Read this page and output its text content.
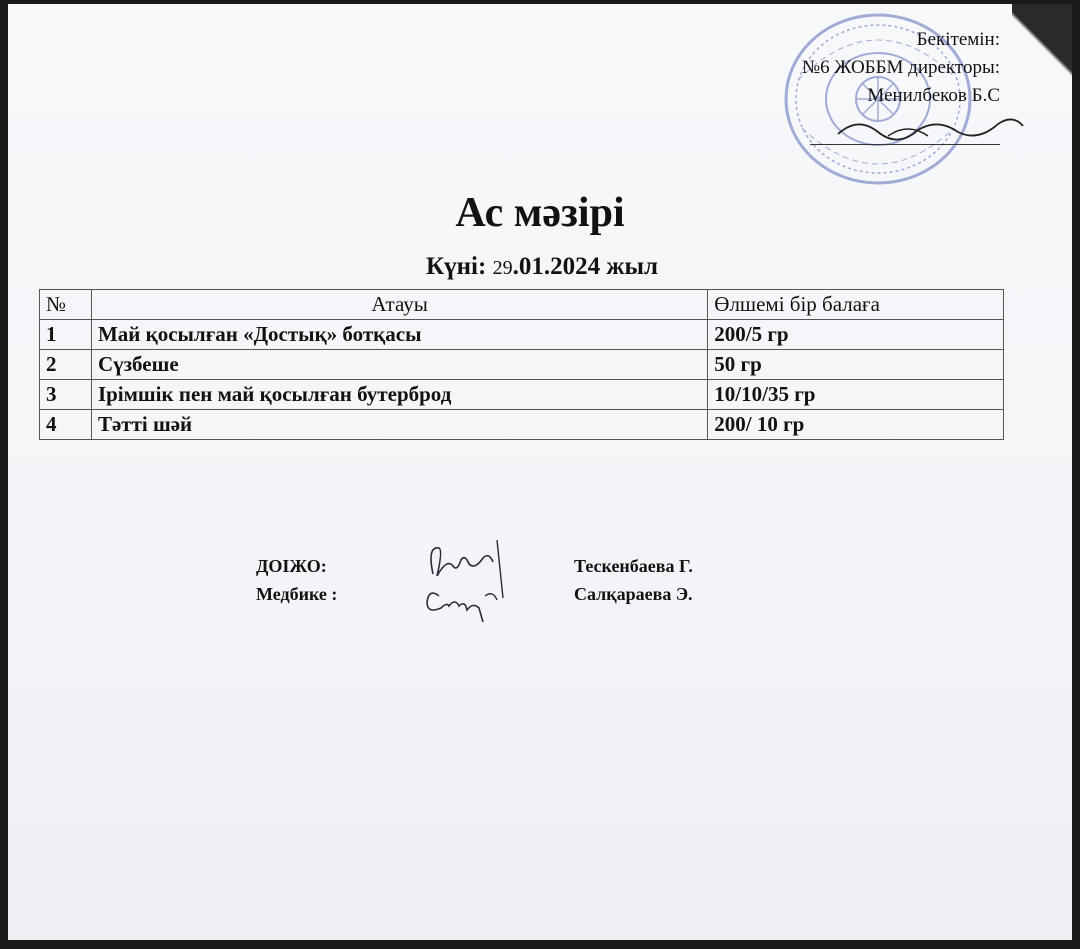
Бекітемін:
№6 ЖОББМ директоры:
Менилбеков Б.С
Ас мәзірі
Күні: 29.01.2024 жыл
№	Атауы	Өлшемі бір балаға
1	Май қосылған «Достық» ботқасы	200/5 гр
2	Сүзбеше	50 гр
3	Ірімшік пен май қосылған бутерброд	10/10/35 гр
4	Тәтті шәй	200/ 10 гр
ДОІЖО:	Тескенбаева Г.
Медбике :	Салқараева Э.
